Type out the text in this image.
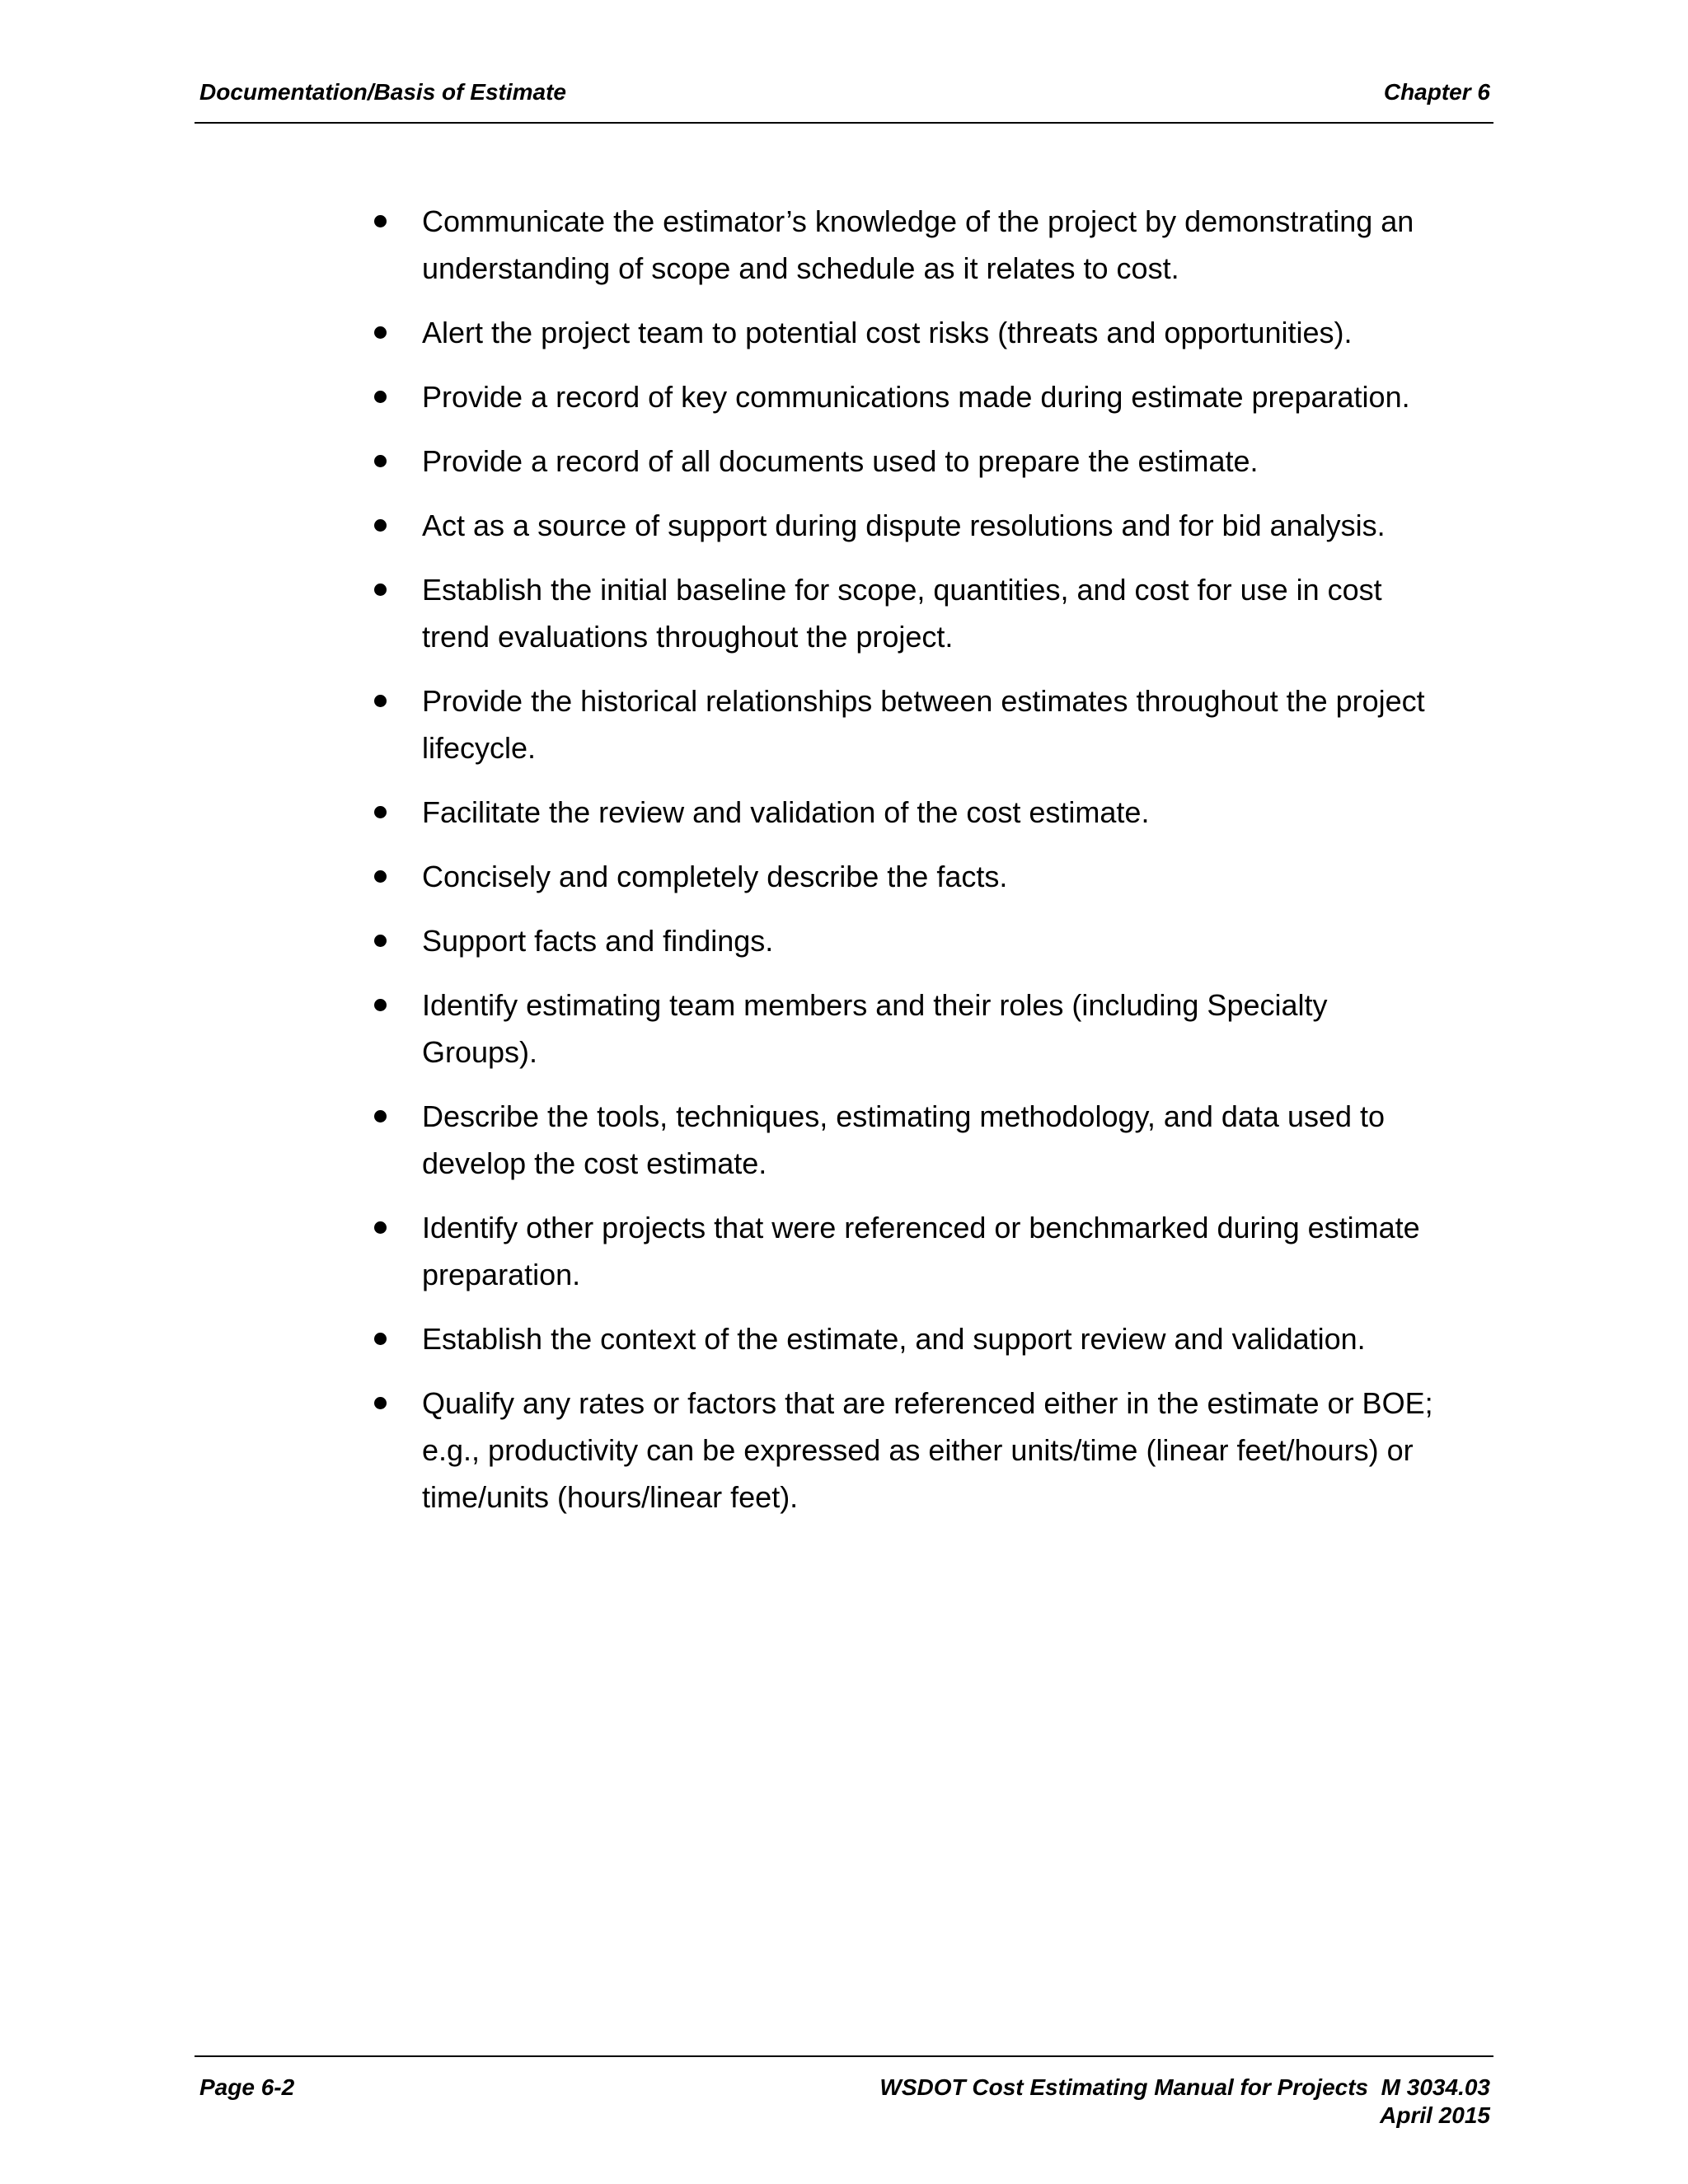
Documentation/Basis of Estimate	Chapter 6
Communicate the estimator’s knowledge of the project by demonstrating an understanding of scope and schedule as it relates to cost.
Alert the project team to potential cost risks (threats and opportunities).
Provide a record of key communications made during estimate preparation.
Provide a record of all documents used to prepare the estimate.
Act as a source of support during dispute resolutions and for bid analysis.
Establish the initial baseline for scope, quantities, and cost for use in cost trend evaluations throughout the project.
Provide the historical relationships between estimates throughout the project lifecycle.
Facilitate the review and validation of the cost estimate.
Concisely and completely describe the facts.
Support facts and findings.
Identify estimating team members and their roles (including Specialty Groups).
Describe the tools, techniques, estimating methodology, and data used to develop the cost estimate.
Identify other projects that were referenced or benchmarked during estimate preparation.
Establish the context of the estimate, and support review and validation.
Qualify any rates or factors that are referenced either in the estimate or BOE; e.g., productivity can be expressed as either units/time (linear feet/hours) or time/units (hours/linear feet).
Page 6-2	WSDOT Cost Estimating Manual for Projects  M 3034.03
April 2015
